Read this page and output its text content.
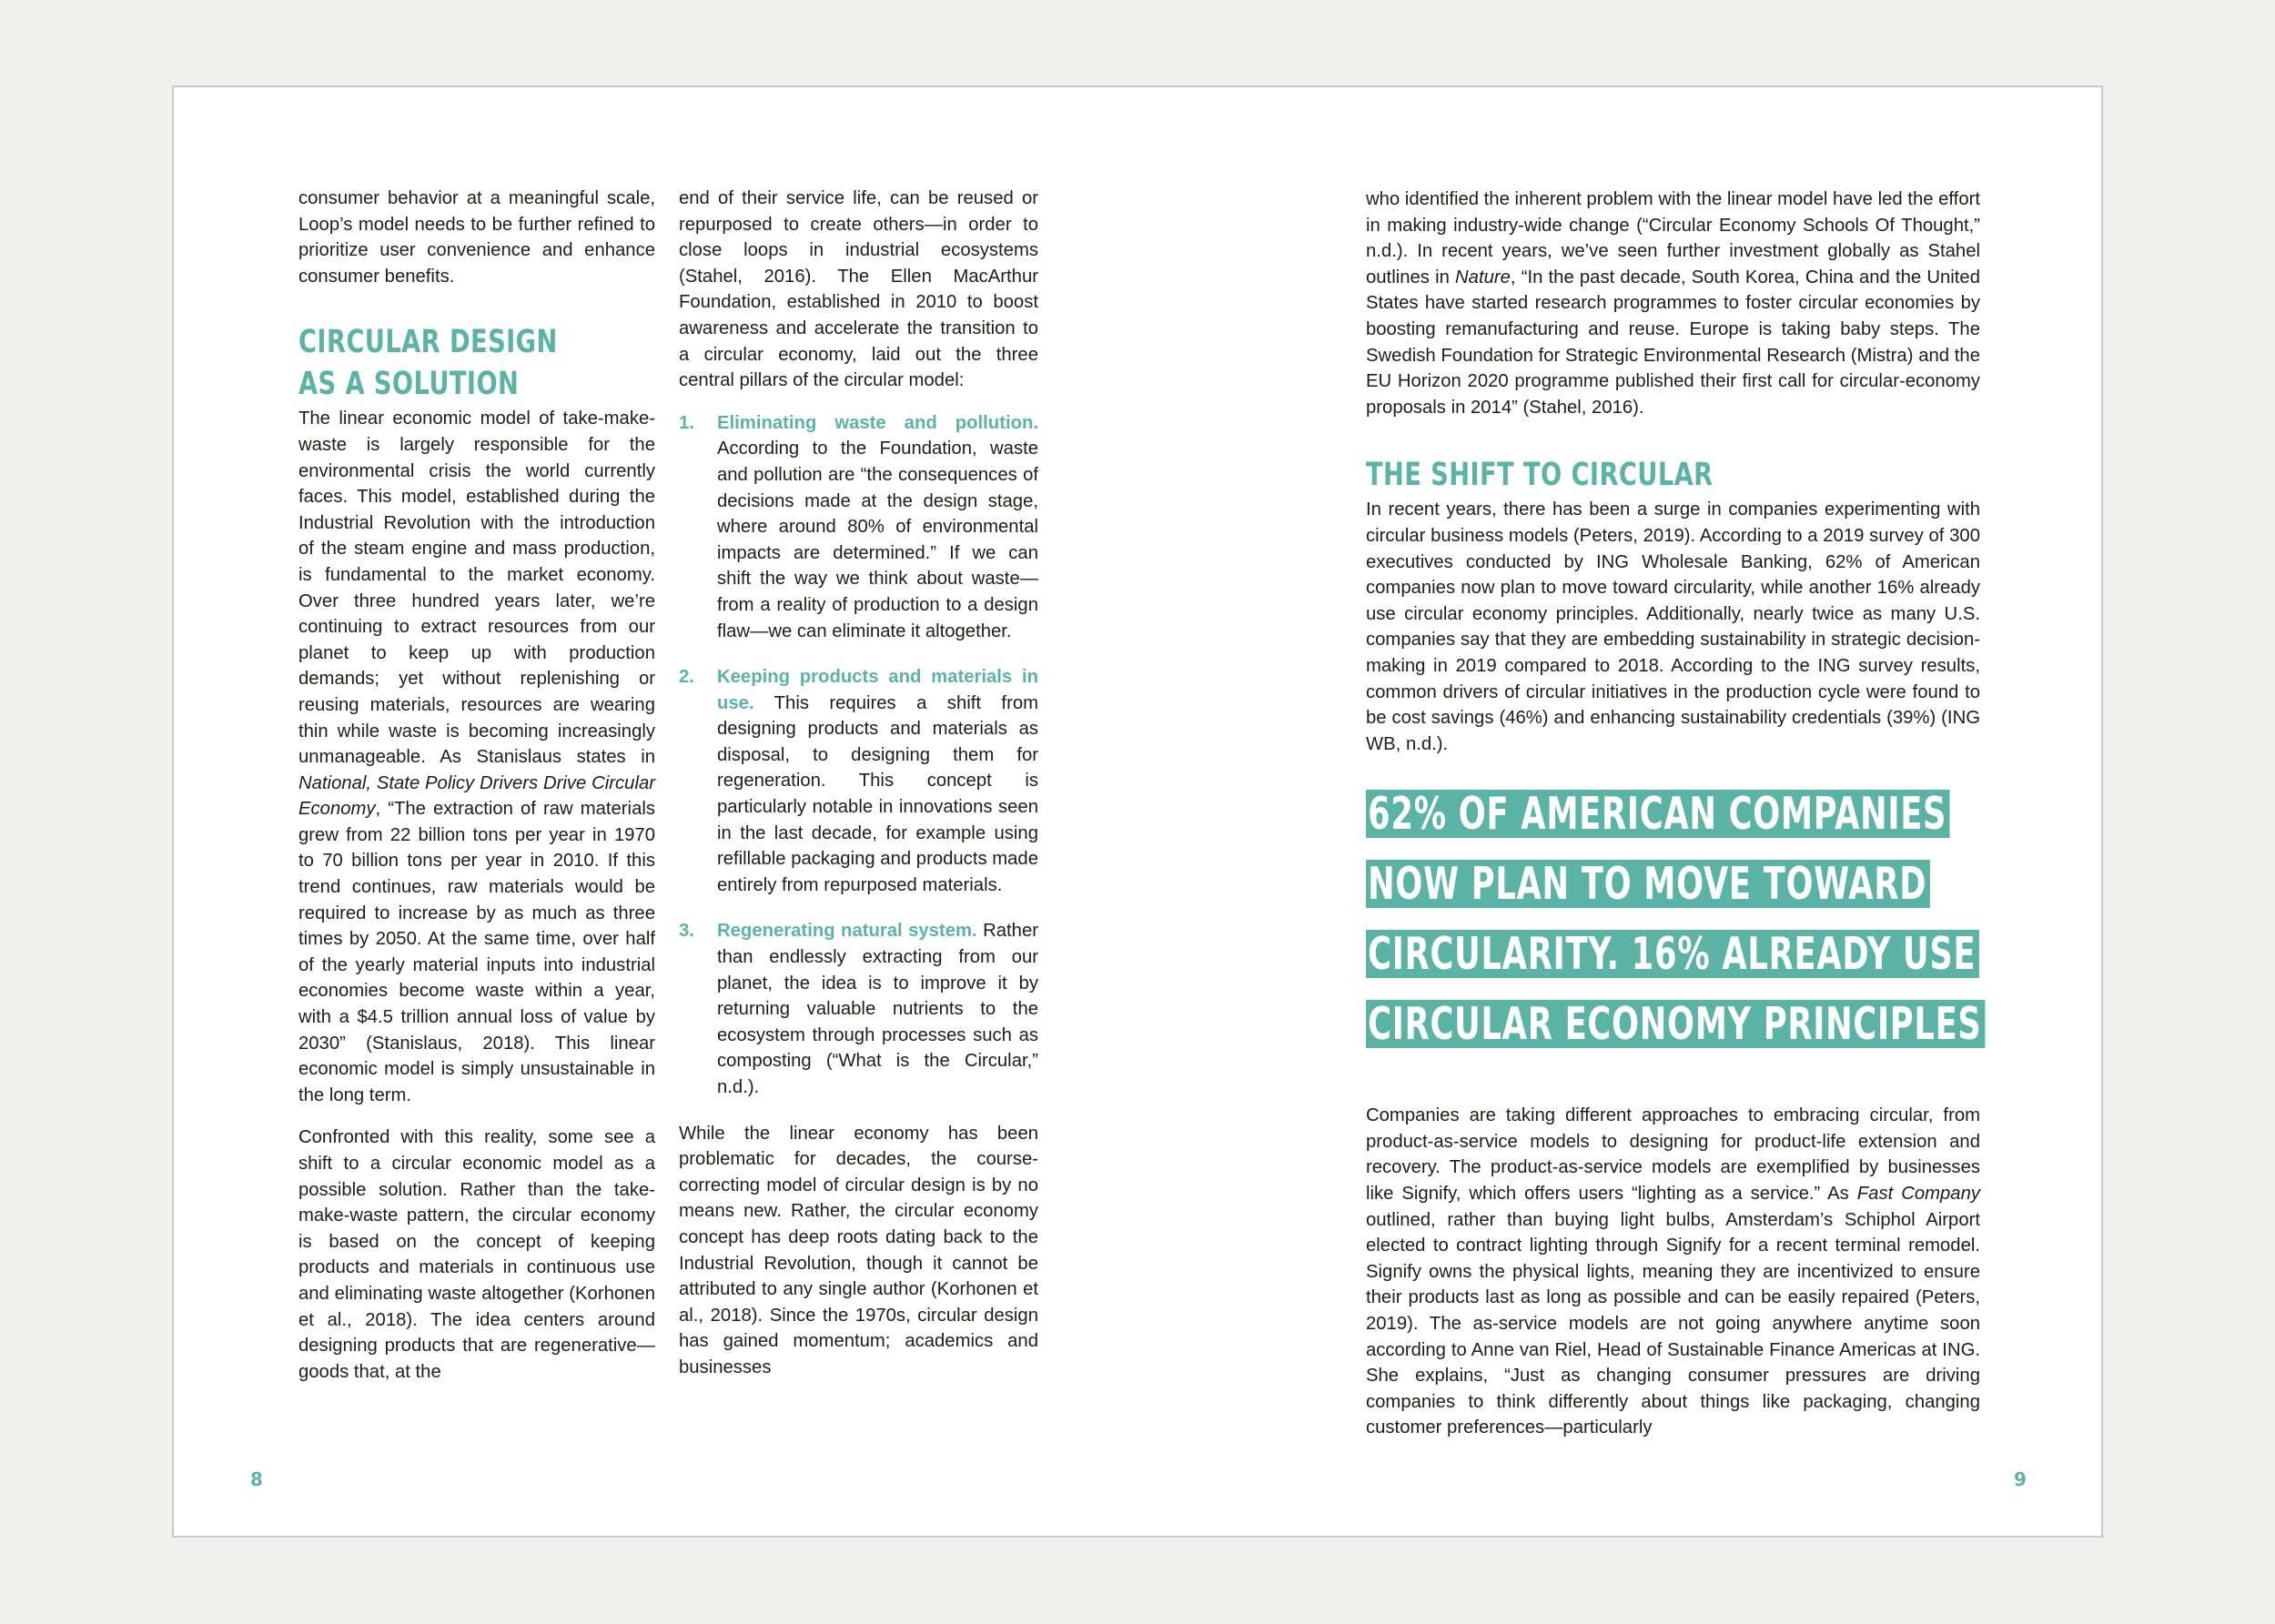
consumer behavior at a meaningful scale, Loop’s model needs to be further refined to prioritize user convenience and enhance consumer benefits.

CIRCULAR DESIGN
AS A SOLUTION

The linear economic model of take-make-waste is largely responsible for the environmental crisis the world currently faces. This model, established during the Industrial Revolution with the introduction of the steam engine and mass production, is fundamental to the market economy. Over three hundred years later, we’re continuing to extract resources from our planet to keep up with production demands; yet without replenishing or reusing materials, resources are wearing thin while waste is becoming increasingly unmanageable. As Stanislaus states in National, State Policy Drivers Drive Circular Economy, “The extraction of raw materials grew from 22 billion tons per year in 1970 to 70 billion tons per year in 2010. If this trend continues, raw materials would be required to increase by as much as three times by 2050. At the same time, over half of the yearly material inputs into industrial economies become waste within a year, with a $4.5 trillion annual loss of value by 2030” (Stanislaus, 2018). This linear economic model is simply unsustainable in the long term.

Confronted with this reality, some see a shift to a circular economic model as a possible solution. Rather than the take-make-waste pattern, the circular economy is based on the concept of keeping products and materials in continuous use and eliminating waste altogether (Korhonen et al., 2018). The idea centers around designing products that are regenerative—goods that, at the

end of their service life, can be reused or repurposed to create others—in order to close loops in industrial ecosystems (Stahel, 2016). The Ellen MacArthur Foundation, established in 2010 to boost awareness and accelerate the transition to a circular economy, laid out the three central pillars of the circular model:

1. Eliminating waste and pollution. According to the Foundation, waste and pollution are “the consequences of decisions made at the design stage, where around 80% of environmental impacts are determined.” If we can shift the way we think about waste—from a reality of production to a design flaw—we can eliminate it altogether.
2. Keeping products and materials in use. This requires a shift from designing products and materials as disposal, to designing them for regeneration. This concept is particularly notable in innovations seen in the last decade, for example using refillable packaging and products made entirely from repurposed materials.
3. Regenerating natural system. Rather than endlessly extracting from our planet, the idea is to improve it by returning valuable nutrients to the ecosystem through processes such as composting (“What is the Circular,” n.d.).

While the linear economy has been problematic for decades, the course-correcting model of circular design is by no means new. Rather, the circular economy concept has deep roots dating back to the Industrial Revolution, though it cannot be attributed to any single author (Korhonen et al., 2018). Since the 1970s, circular design has gained momentum; academics and businesses

who identified the inherent problem with the linear model have led the effort in making industry-wide change (“Circular Economy Schools Of Thought,” n.d.). In recent years, we’ve seen further investment globally as Stahel outlines in Nature, “In the past decade, South Korea, China and the United States have started research programmes to foster circular economies by boosting remanufacturing and reuse. Europe is taking baby steps. The Swedish Foundation for Strategic Environmental Research (Mistra) and the EU Horizon 2020 programme published their first call for circular-economy proposals in 2014” (Stahel, 2016).

THE SHIFT TO CIRCULAR

In recent years, there has been a surge in companies experimenting with circular business models (Peters, 2019). According to a 2019 survey of 300 executives conducted by ING Wholesale Banking, 62% of American companies now plan to move toward circularity, while another 16% already use circular economy principles. Additionally, nearly twice as many U.S. companies say that they are embedding sustainability in strategic decision-making in 2019 compared to 2018. According to the ING survey results, common drivers of circular initiatives in the production cycle were found to be cost savings (46%) and enhancing sustainability credentials (39%) (ING WB, n.d.).

62% OF AMERICAN COMPANIES
NOW PLAN TO MOVE TOWARD
CIRCULARITY. 16% ALREADY USE
CIRCULAR ECONOMY PRINCIPLES

Companies are taking different approaches to embracing circular, from product-as-service models to designing for product-life extension and recovery. The product-as-service models are exemplified by businesses like Signify, which offers users “lighting as a service.” As Fast Company outlined, rather than buying light bulbs, Amsterdam’s Schiphol Airport elected to contract lighting through Signify for a recent terminal remodel. Signify owns the physical lights, meaning they are incentivized to ensure their products last as long as possible and can be easily repaired (Peters, 2019). The as-service models are not going anywhere anytime soon according to Anne van Riel, Head of Sustainable Finance Americas at ING. She explains, “Just as changing consumer pressures are driving companies to think differently about things like packaging, changing customer preferences—particularly

8	9
